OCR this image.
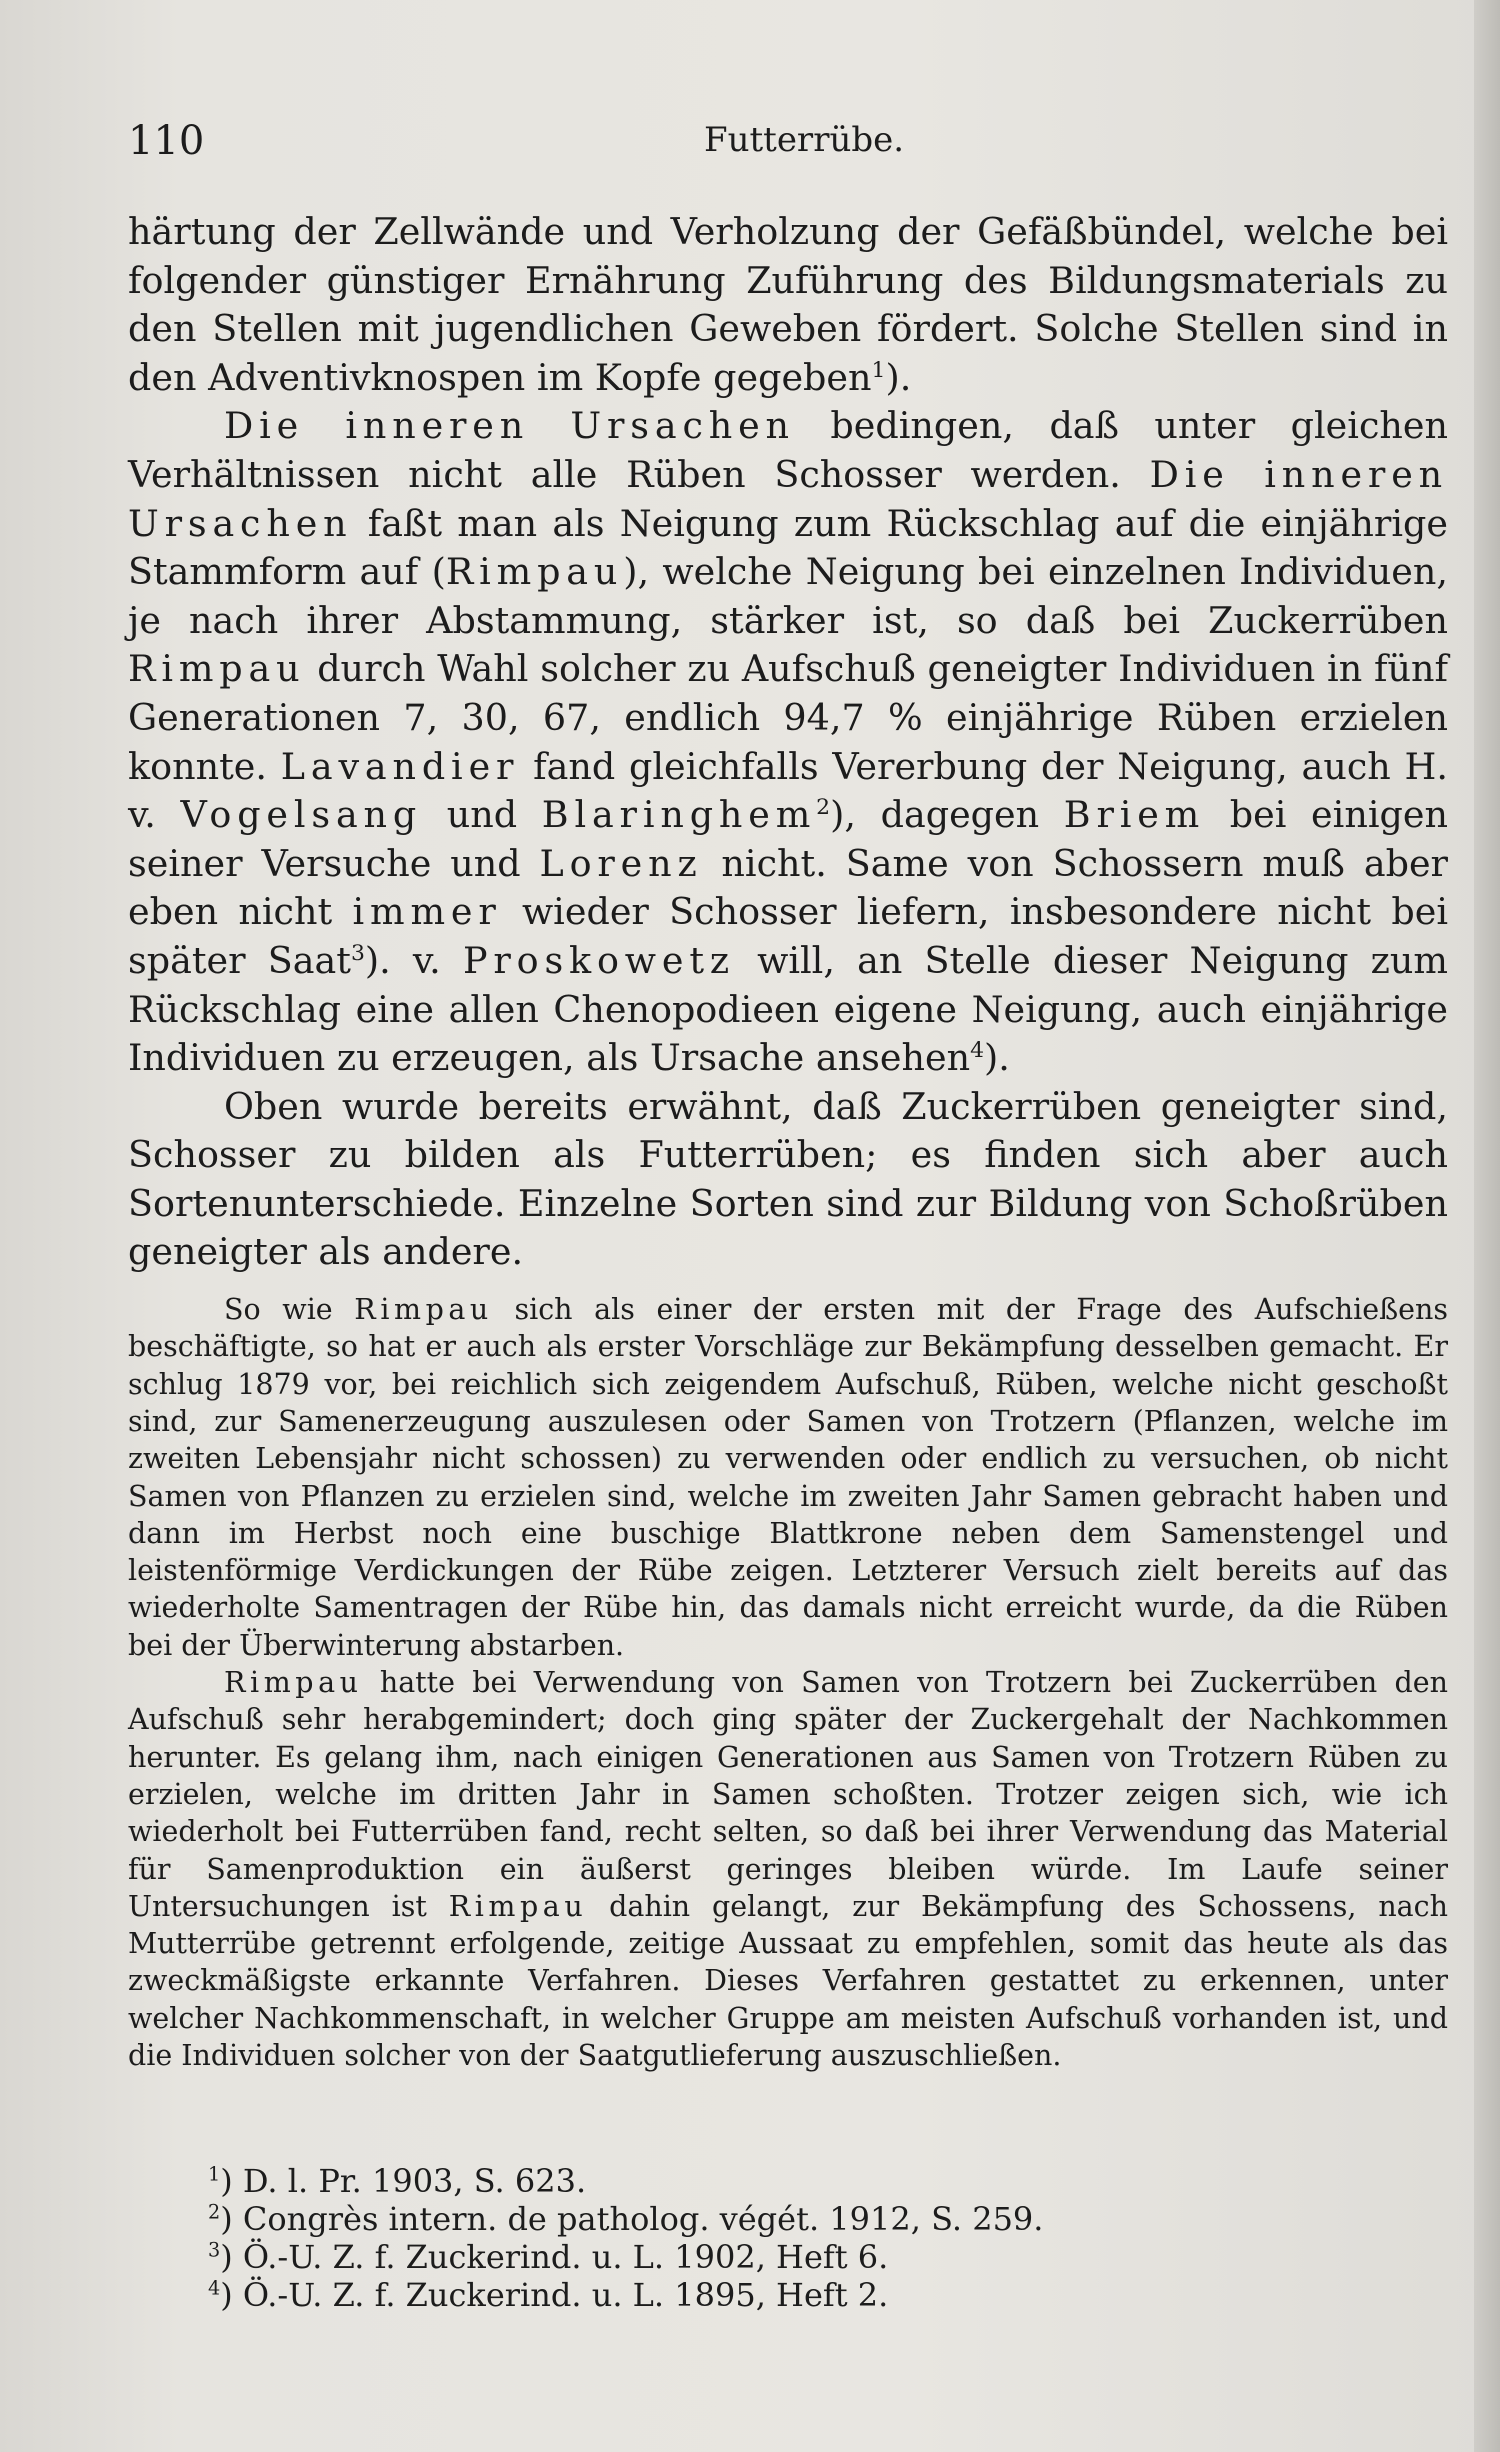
110	Futterrübe.

härtung der Zellwände und Verholzung der Gefäßbündel, welche bei folgender günstiger Ernährung Zuführung des Bildungsmaterials zu den Stellen mit jugendlichen Geweben fördert. Solche Stellen sind in den Adventivknospen im Kopfe gegeben$^1$).

Die inneren Ursachen bedingen, daß unter gleichen Verhältnissen nicht alle Rüben Schosser werden. Die inneren Ursachen faßt man als Neigung zum Rückschlag auf die einjährige Stammform auf (Rimpau), welche Neigung bei einzelnen Individuen, je nach ihrer Abstammung, stärker ist, so daß bei Zuckerrüben Rimpau durch Wahl solcher zu Aufschuß geneigter Individuen in fünf Generationen 7, 30, 67, endlich 94,7 % einjährige Rüben erzielen konnte. Lavandier fand gleichfalls Vererbung der Neigung, auch H. v. Vogelsang und Blaringhem$^2$), dagegen Briem bei einigen seiner Versuche und Lorenz nicht. Same von Schossern muß aber eben nicht immer wieder Schosser liefern, insbesondere nicht bei später Saat$^3$). v. Proskowetz will, an Stelle dieser Neigung zum Rückschlag eine allen Chenopodieen eigene Neigung, auch einjährige Individuen zu erzeugen, als Ursache ansehen$^4$).

Oben wurde bereits erwähnt, daß Zuckerrüben geneigter sind, Schosser zu bilden als Futterrüben; es finden sich aber auch Sortenunterschiede. Einzelne Sorten sind zur Bildung von Schoßrüben geneigter als andere.

So wie Rimpau sich als einer der ersten mit der Frage des Aufschießens beschäftigte, so hat er auch als erster Vorschläge zur Bekämpfung desselben gemacht. Er schlug 1879 vor, bei reichlich sich zeigendem Aufschuß, Rüben, welche nicht geschoßt sind, zur Samenerzeugung auszulesen oder Samen von Trotzern (Pflanzen, welche im zweiten Lebensjahr nicht schossen) zu verwenden oder endlich zu versuchen, ob nicht Samen von Pflanzen zu erzielen sind, welche im zweiten Jahr Samen gebracht haben und dann im Herbst noch eine buschige Blattkrone neben dem Samenstengel und leistenförmige Verdickungen der Rübe zeigen. Letzterer Versuch zielt bereits auf das wiederholte Samentragen der Rübe hin, das damals nicht erreicht wurde, da die Rüben bei der Überwinterung abstarben.

Rimpau hatte bei Verwendung von Samen von Trotzern bei Zuckerrüben den Aufschuß sehr herabgemindert; doch ging später der Zuckergehalt der Nachkommen herunter. Es gelang ihm, nach einigen Generationen aus Samen von Trotzern Rüben zu erzielen, welche im dritten Jahr in Samen schoßten. Trotzer zeigen sich, wie ich wiederholt bei Futterrüben fand, recht selten, so daß bei ihrer Verwendung das Material für Samenproduktion ein äußerst geringes bleiben würde. Im Laufe seiner Untersuchungen ist Rimpau dahin gelangt, zur Bekämpfung des Schossens, nach Mutterrübe getrennt erfolgende, zeitige Aussaat zu empfehlen, somit das heute als das zweckmäßigste erkannte Verfahren. Dieses Verfahren gestattet zu erkennen, unter welcher Nachkommenschaft, in welcher Gruppe am meisten Aufschuß vorhanden ist, und die Individuen solcher von der Saatgutlieferung auszuschließen.

$^1$) D. l. Pr. 1903, S. 623.
$^2$) Congrès intern. de patholog. végét. 1912, S. 259.
$^3$) Ö.-U. Z. f. Zuckerind. u. L. 1902, Heft 6.
$^4$) Ö.-U. Z. f. Zuckerind. u. L. 1895, Heft 2.
